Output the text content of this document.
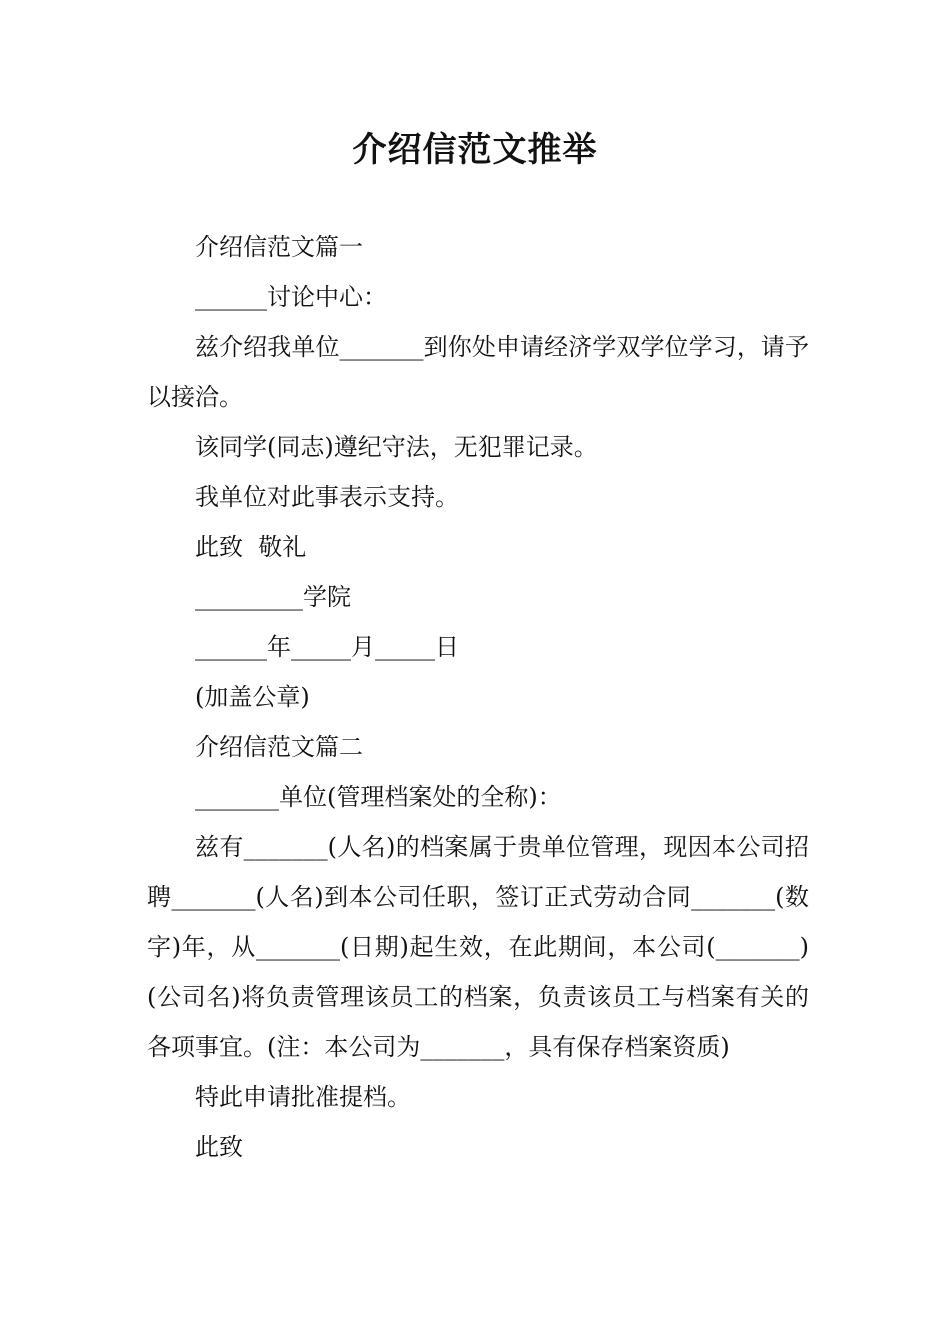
介绍信范文推举

介绍信范文篇一

______讨论中心：

兹介绍我单位_______到你处申请经济学双学位学习，请予以接洽。

该同学(同志)遵纪守法，无犯罪记录。

我单位对此事表示支持。

此致  敬礼

_________学院

______年_____月_____日

(加盖公章)

介绍信范文篇二

_______单位(管理档案处的全称)：

兹有_______(人名)的档案属于贵单位管理，现因本公司招聘_______(人名)到本公司任职，签订正式劳动合同_______(数字)年，从_______(日期)起生效，在此期间，本公司(_______)(公司名)将负责管理该员工的档案，负责该员工与档案有关的各项事宜。(注：本公司为_______，具有保存档案资质)

特此申请批准提档。

此致
